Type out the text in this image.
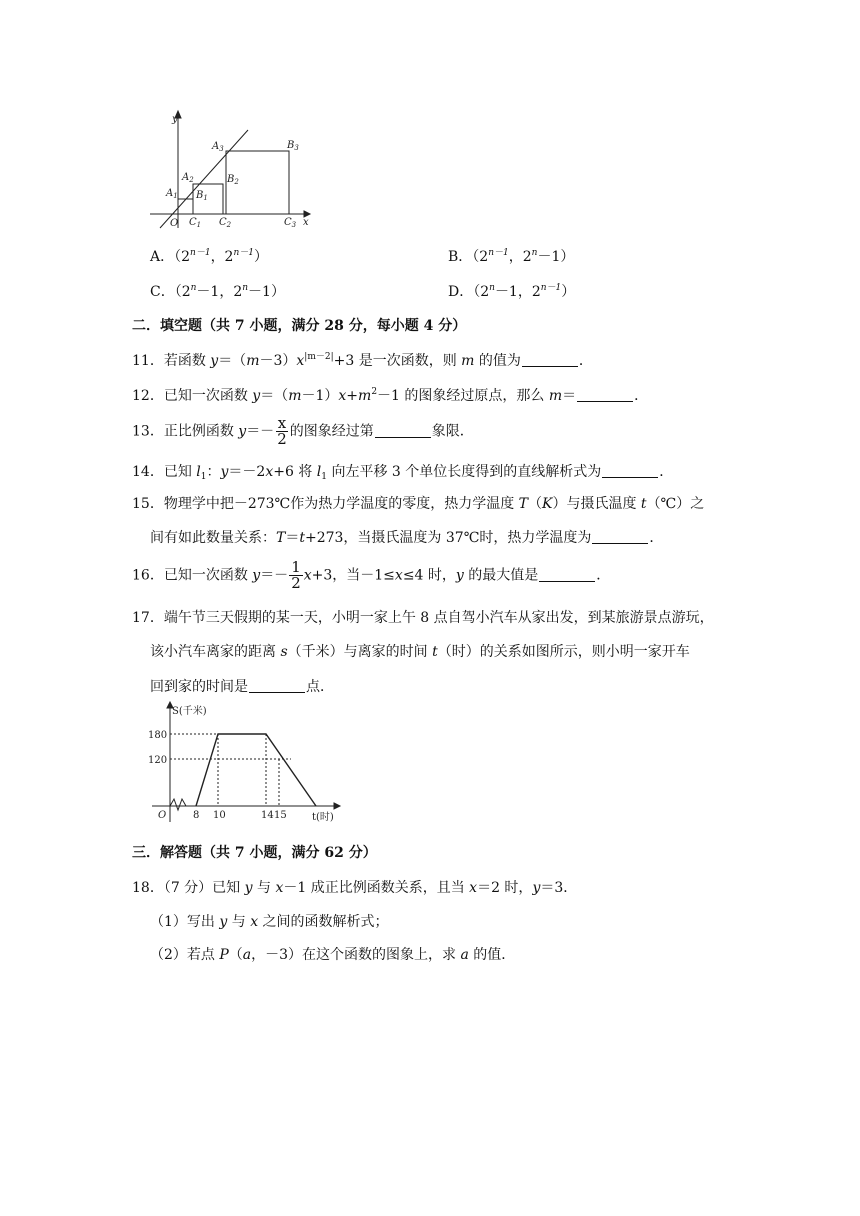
y
x
O
$A_1$
$A_2$
$A_3$
$B_1$
$B_2$
$B_3$
$C_1$ $C_2$	$C_3$
A．（$2^{n-1}$，$2^{n-1}$）	B．（$2^{n-1}$，$2^n-1$）
C．（$2^n-1$，$2^n-1$）	D．（$2^n-1$，$2^{n-1}$）
二．填空题（共 7 小题，满分 28 分，每小题 4 分）
11．若函数 $y=(m-3)x^{|m-2|}+3$ 是一次函数，则 m 的值为	．
12．已知一次函数 $y=(m-1)x+m^2-1$ 的图象经过原点，那么 m＝	．
13．正比例函数 $y=- \frac{x}{2}$ 的图象经过第	象限．
14．已知 $l_1$：y＝－2x+6 将 $l_1$ 向左平移 3 个单位长度得到的直线解析式为	．
15．物理学中把－273℃作为热力学温度的零度，热力学温度 T（K）与摄氏温度 t（℃）之
间有如此数量关系：T＝t+273，当摄氏温度为 37℃时，热力学温度为	．
16．已知一次函数 $y=- \frac{1}{2} x+3$，当－1≤x≤4 时，y 的最大值是	．
17．端午节三天假期的某一天，小明一家上午 8 点自驾小汽车从家出发，到某旅游景点游玩，
该小汽车离家的距离 s（千米）与离家的时间 t（时）的关系如图所示，则小明一家开车
回到家的时间是	点．
S(千米)
t(时)
O
180
120
8 10	14 15
三．解答题（共 7 小题，满分 62 分）
18．（7 分）已知 y 与 x－1 成正比例函数关系，且当 x＝2 时，y＝3．
（1）写出 y 与 x 之间的函数解析式；
（2）若点 P（a，－3）在这个函数的图象上，求 a 的值．
